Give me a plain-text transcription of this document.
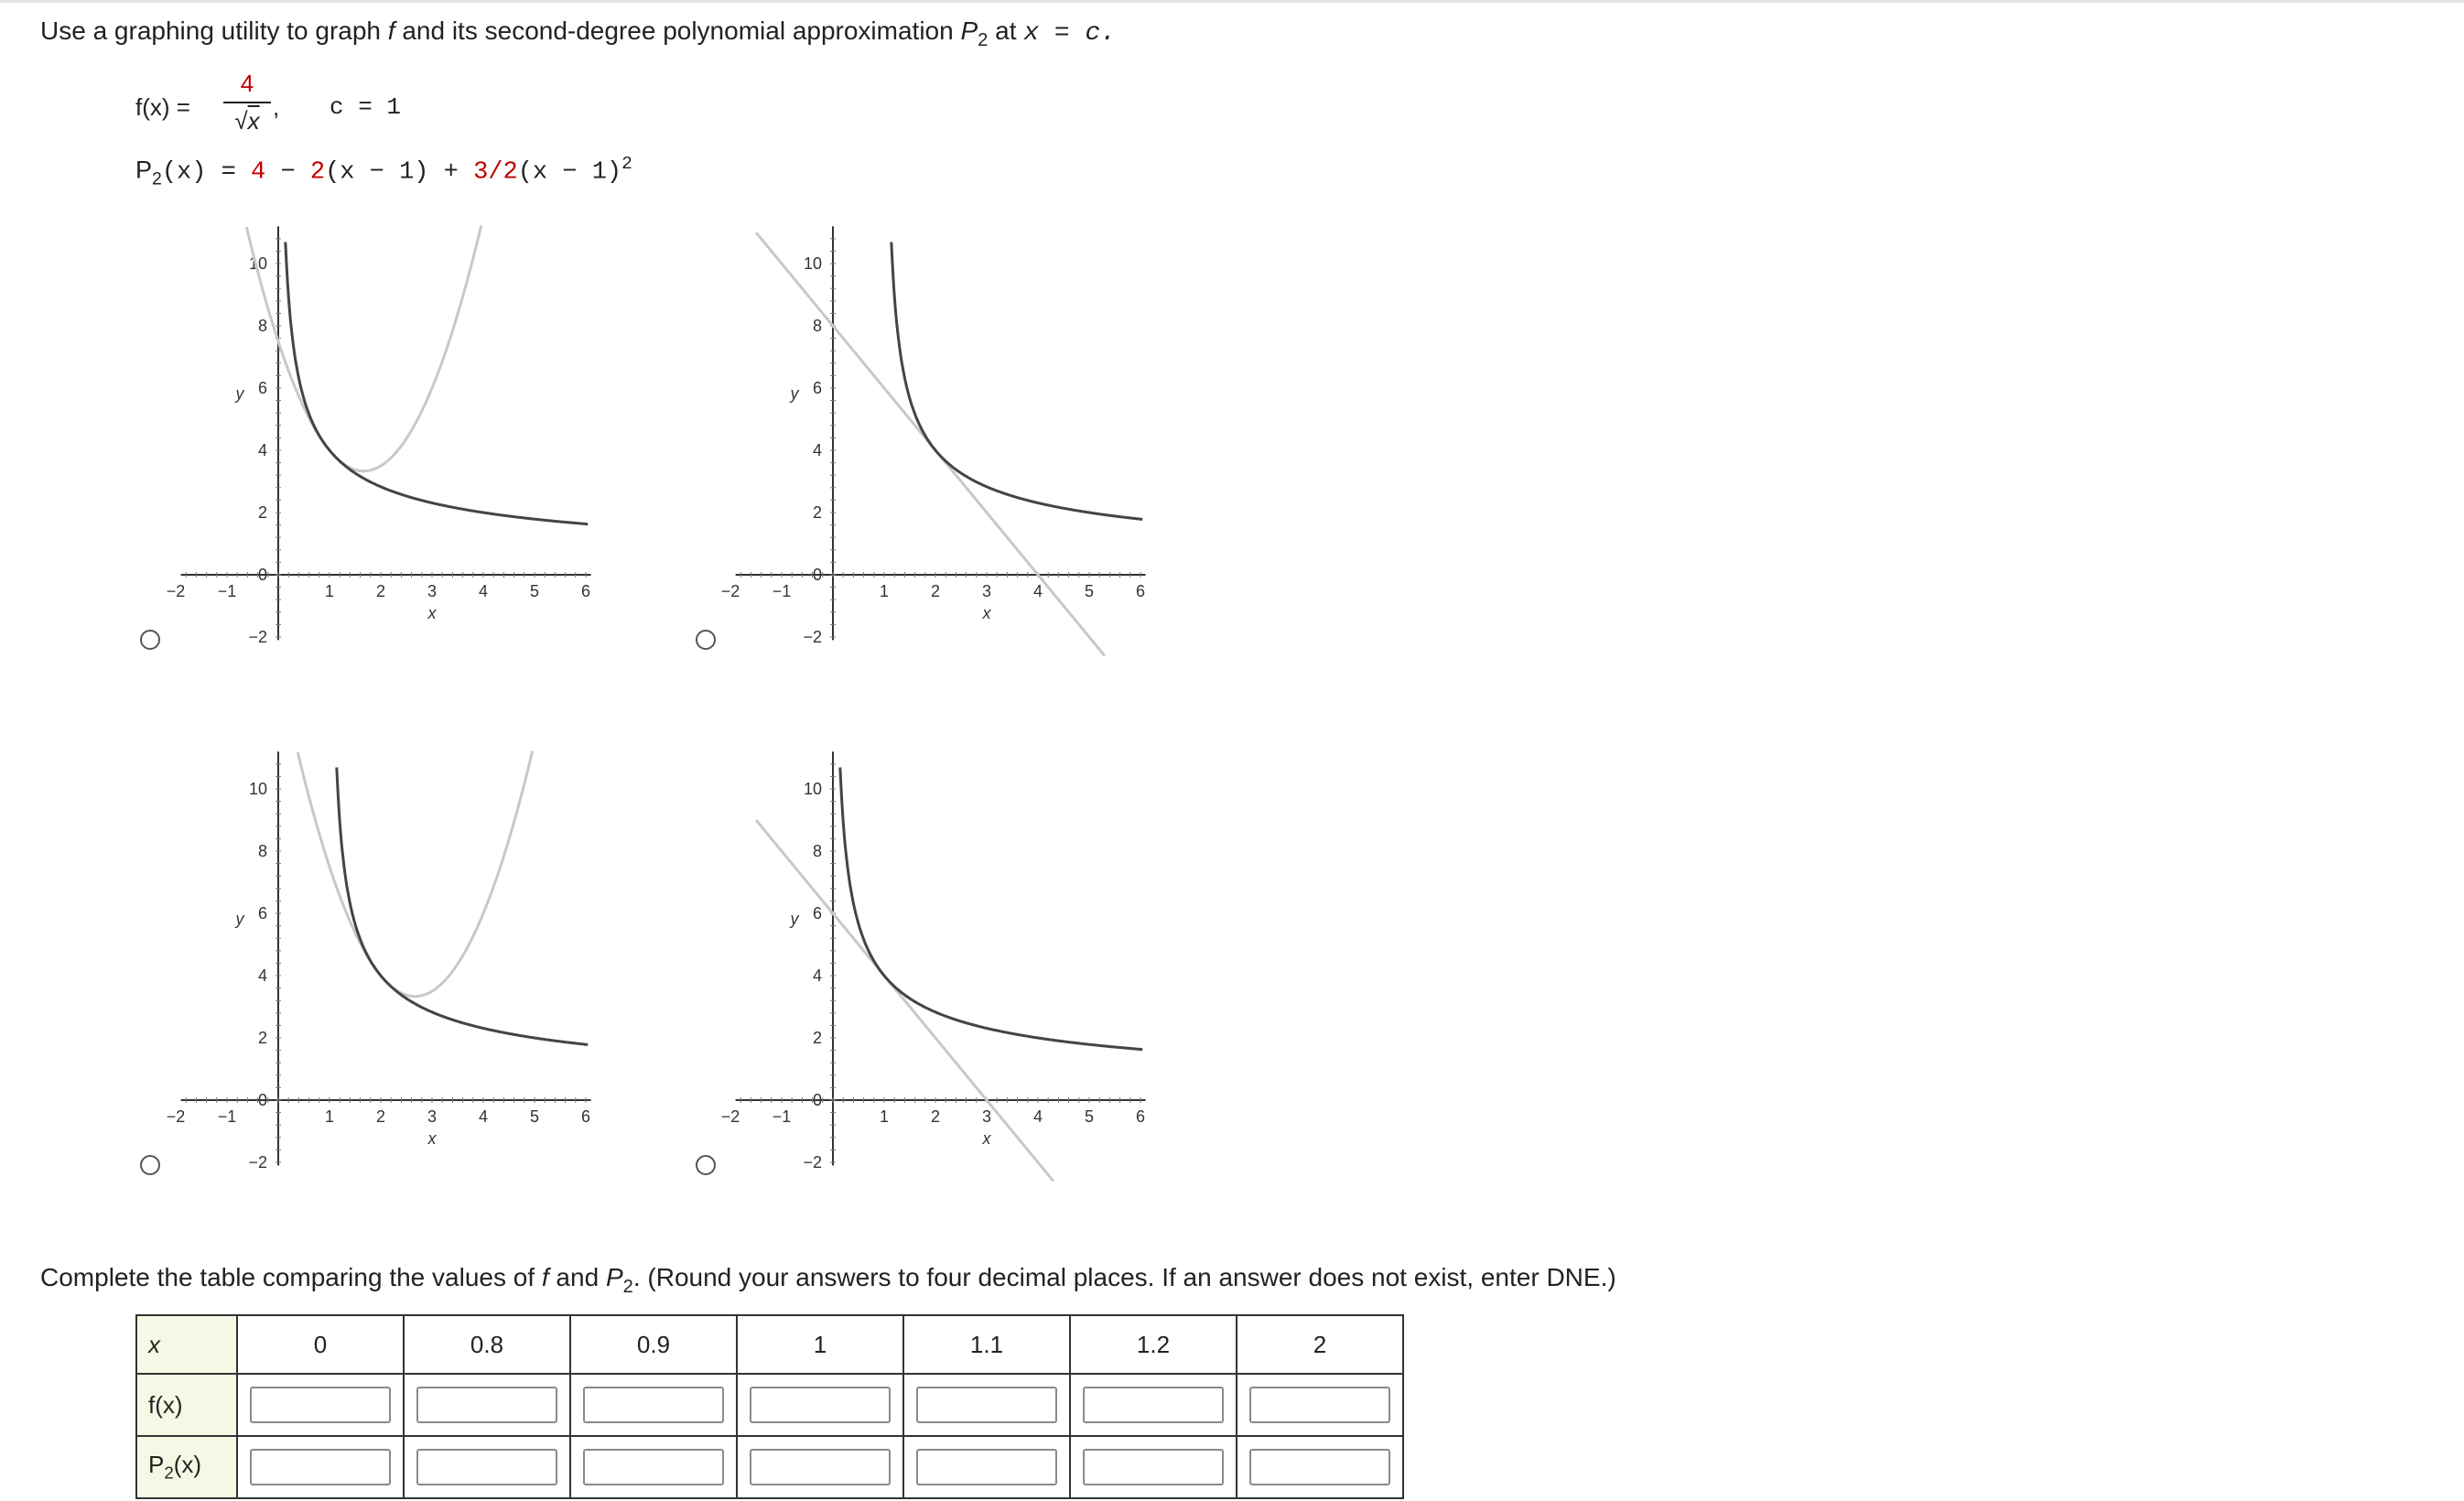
Use a graphing utility to graph f and its second-degree polynomial approximation $P_2$ at x = c.
f(x) =
4
√x , c = 1
$P_2(x) = 4 - 2(x - 1) + 3/2(x - 1)^2$
−2 −1	1	2	3	4	5	6
x
10
8
6
4
2
0
−2
y
−2 −1	1	2	3	4	5	6
x
10
8
6
4
2
0
−2
y
−2 −1	1	2	3	4	5	6
x
10
8
6
4
2
0
−2
y
−2 −1	1	2	3	4	5	6
x
10
8
6
4
2
0
−2
y
Complete the table comparing the values of f and $P_2$. (Round your answers to four decimal places. If an answer does not exist, enter DNE.)
x	0	0.8	0.9	1	1.1	1.2	2
f(x)							
$P_2(x)$							
